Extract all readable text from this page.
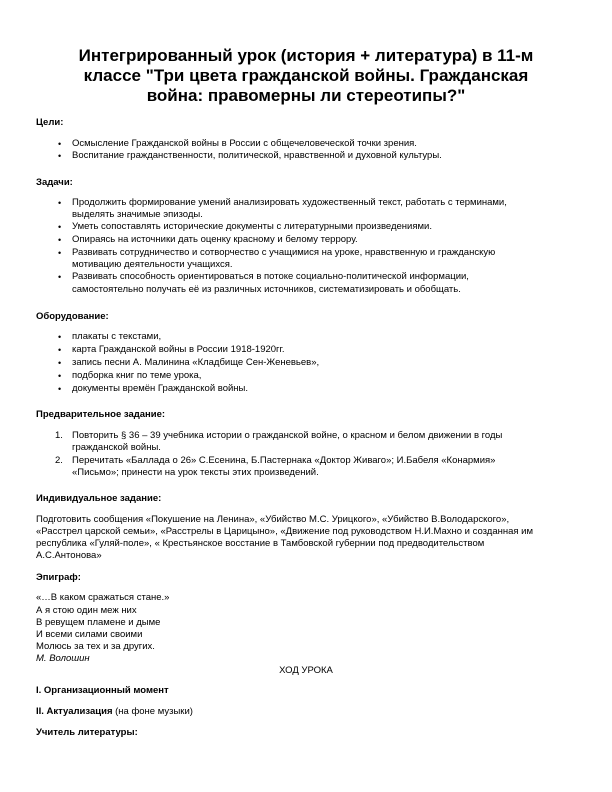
Интегрированный урок (история + литература) в 11-м
классе "Три цвета гражданской войны. Гражданская
война: правомерны ли стереотипы?"
Цели:
• Осмысление Гражданской войны в России с общечеловеческой точки зрения.
• Воспитание гражданственности, политической, нравственной и духовной культуры.
Задачи:
• Продолжить формирование умений анализировать художественный текст, работать с терминами,
выделять значимые эпизоды.
• Уметь сопоставлять исторические документы с литературными произведениями.
• Опираясь на источники дать оценку красному и белому террору.
• Развивать сотрудничество и сотворчество с учащимися на уроке, нравственную и гражданскую
мотивацию деятельности учащихся.
• Развивать способность ориентироваться в потоке социально-политической информации,
самостоятельно получать её из различных источников, систематизировать и обобщать.
Оборудование:
• плакаты с текстами,
• карта Гражданской войны в России 1918-1920гг.
• запись песни А. Малинина «Кладбище Сен-Женевьев»,
• подборка книг по теме урока,
• документы времён Гражданской войны.
Предварительное задание:
1. Повторить § 36 – 39 учебника истории о гражданской войне, о красном и белом движении в годы
гражданской войны.
2. Перечитать «Баллада о 26» С.Есенина, Б.Пастернака «Доктор Живаго»; И.Бабеля «Конармия»
«Письмо»; принести на урок тексты этих произведений.
Индивидуальное задание:
Подготовить сообщения «Покушение на Ленина», «Убийство М.С. Урицкого», «Убийство В.Володарского»,
«Расстрел царской семьи», «Расстрелы в Царицыно», «Движение под руководством Н.И.Махно и созданная им
республика «Гуляй-поле», « Крестьянское восстание в Тамбовской губернии под предводительством
А.С.Антонова»
Эпиграф:
«…В каком сражаться стане.»
А я стою один меж них
В ревущем пламене и дыме
И всеми силами своими
Молюсь за тех и за других.
М. Волошин
ХОД УРОКА
I. Организационный момент
II. Актуализация (на фоне музыки)
Учитель литературы:
